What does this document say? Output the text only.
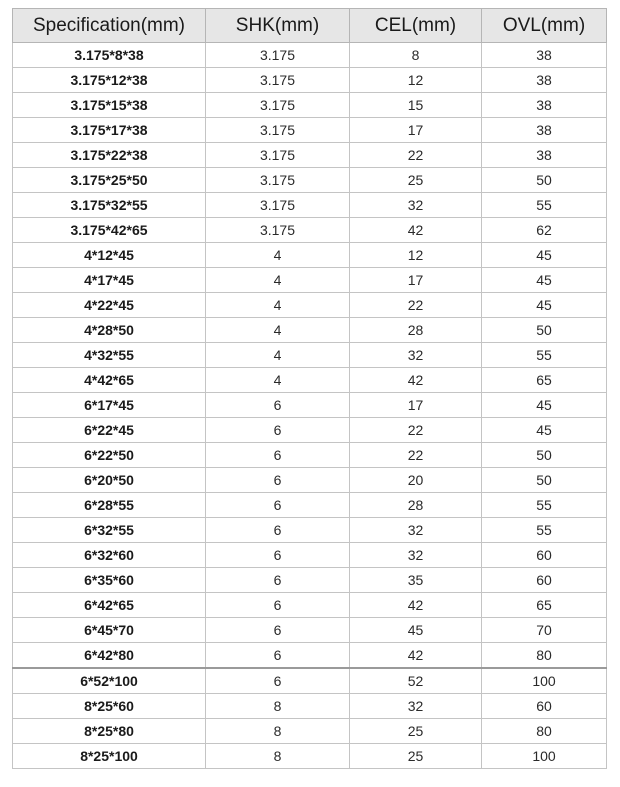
Specification(mm)	SHK(mm)	CEL(mm)	OVL(mm)
3.175*8*38	3.175	8	38
3.175*12*38	3.175	12	38
3.175*15*38	3.175	15	38
3.175*17*38	3.175	17	38
3.175*22*38	3.175	22	38
3.175*25*50	3.175	25	50
3.175*32*55	3.175	32	55
3.175*42*65	3.175	42	62
4*12*45	4	12	45
4*17*45	4	17	45
4*22*45	4	22	45
4*28*50	4	28	50
4*32*55	4	32	55
4*42*65	4	42	65
6*17*45	6	17	45
6*22*45	6	22	45
6*22*50	6	22	50
6*20*50	6	20	50
6*28*55	6	28	55
6*32*55	6	32	55
6*32*60	6	32	60
6*35*60	6	35	60
6*42*65	6	42	65
6*45*70	6	45	70
6*42*80	6	42	80
6*52*100	6	52	100
8*25*60	8	32	60
8*25*80	8	25	80
8*25*100	8	25	100
